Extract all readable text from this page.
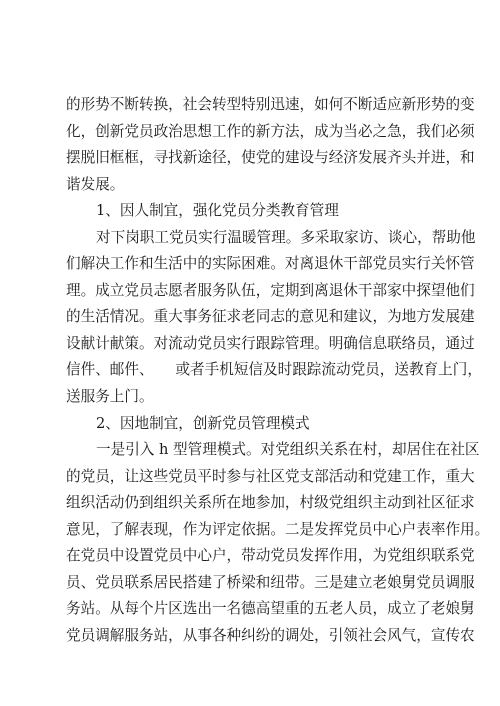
的形势不断转换，社会转型特别迅速，如何不断适应新形势的变
化，创新党员政治思想工作的新方法，成为当必之急，我们必须
摆脱旧框框，寻找新途径，使党的建设与经济发展齐头并进，和
谐发展。
1、因人制宜，强化党员分类教育管理
对下岗职工党员实行温暖管理。多采取家访、谈心，帮助他
们解决工作和生活中的实际困难。对离退休干部党员实行关怀管
理。成立党员志愿者服务队伍，定期到离退休干部家中探望他们
的生活情况。重大事务征求老同志的意见和建议，为地方发展建
设献计献策。对流动党员实行跟踪管理。明确信息联络员，通过
信件、邮件、　　或者手机短信及时跟踪流动党员，送教育上门，
送服务上门。
2、因地制宜，创新党员管理模式
一是引入 h 型管理模式。对党组织关系在村，却居住在社区
的党员，让这些党员平时参与社区党支部活动和党建工作，重大
组织活动仍到组织关系所在地参加，村级党组织主动到社区征求
意见，了解表现，作为评定依据。二是发挥党员中心户表率作用。
在党员中设置党员中心户，带动党员发挥作用，为党组织联系党
员、党员联系居民搭建了桥梁和纽带。三是建立老娘舅党员调服
务站。从每个片区选出一名德高望重的五老人员，成立了老娘舅
党员调解服务站，从事各种纠纷的调处，引领社会风气，宣传农
